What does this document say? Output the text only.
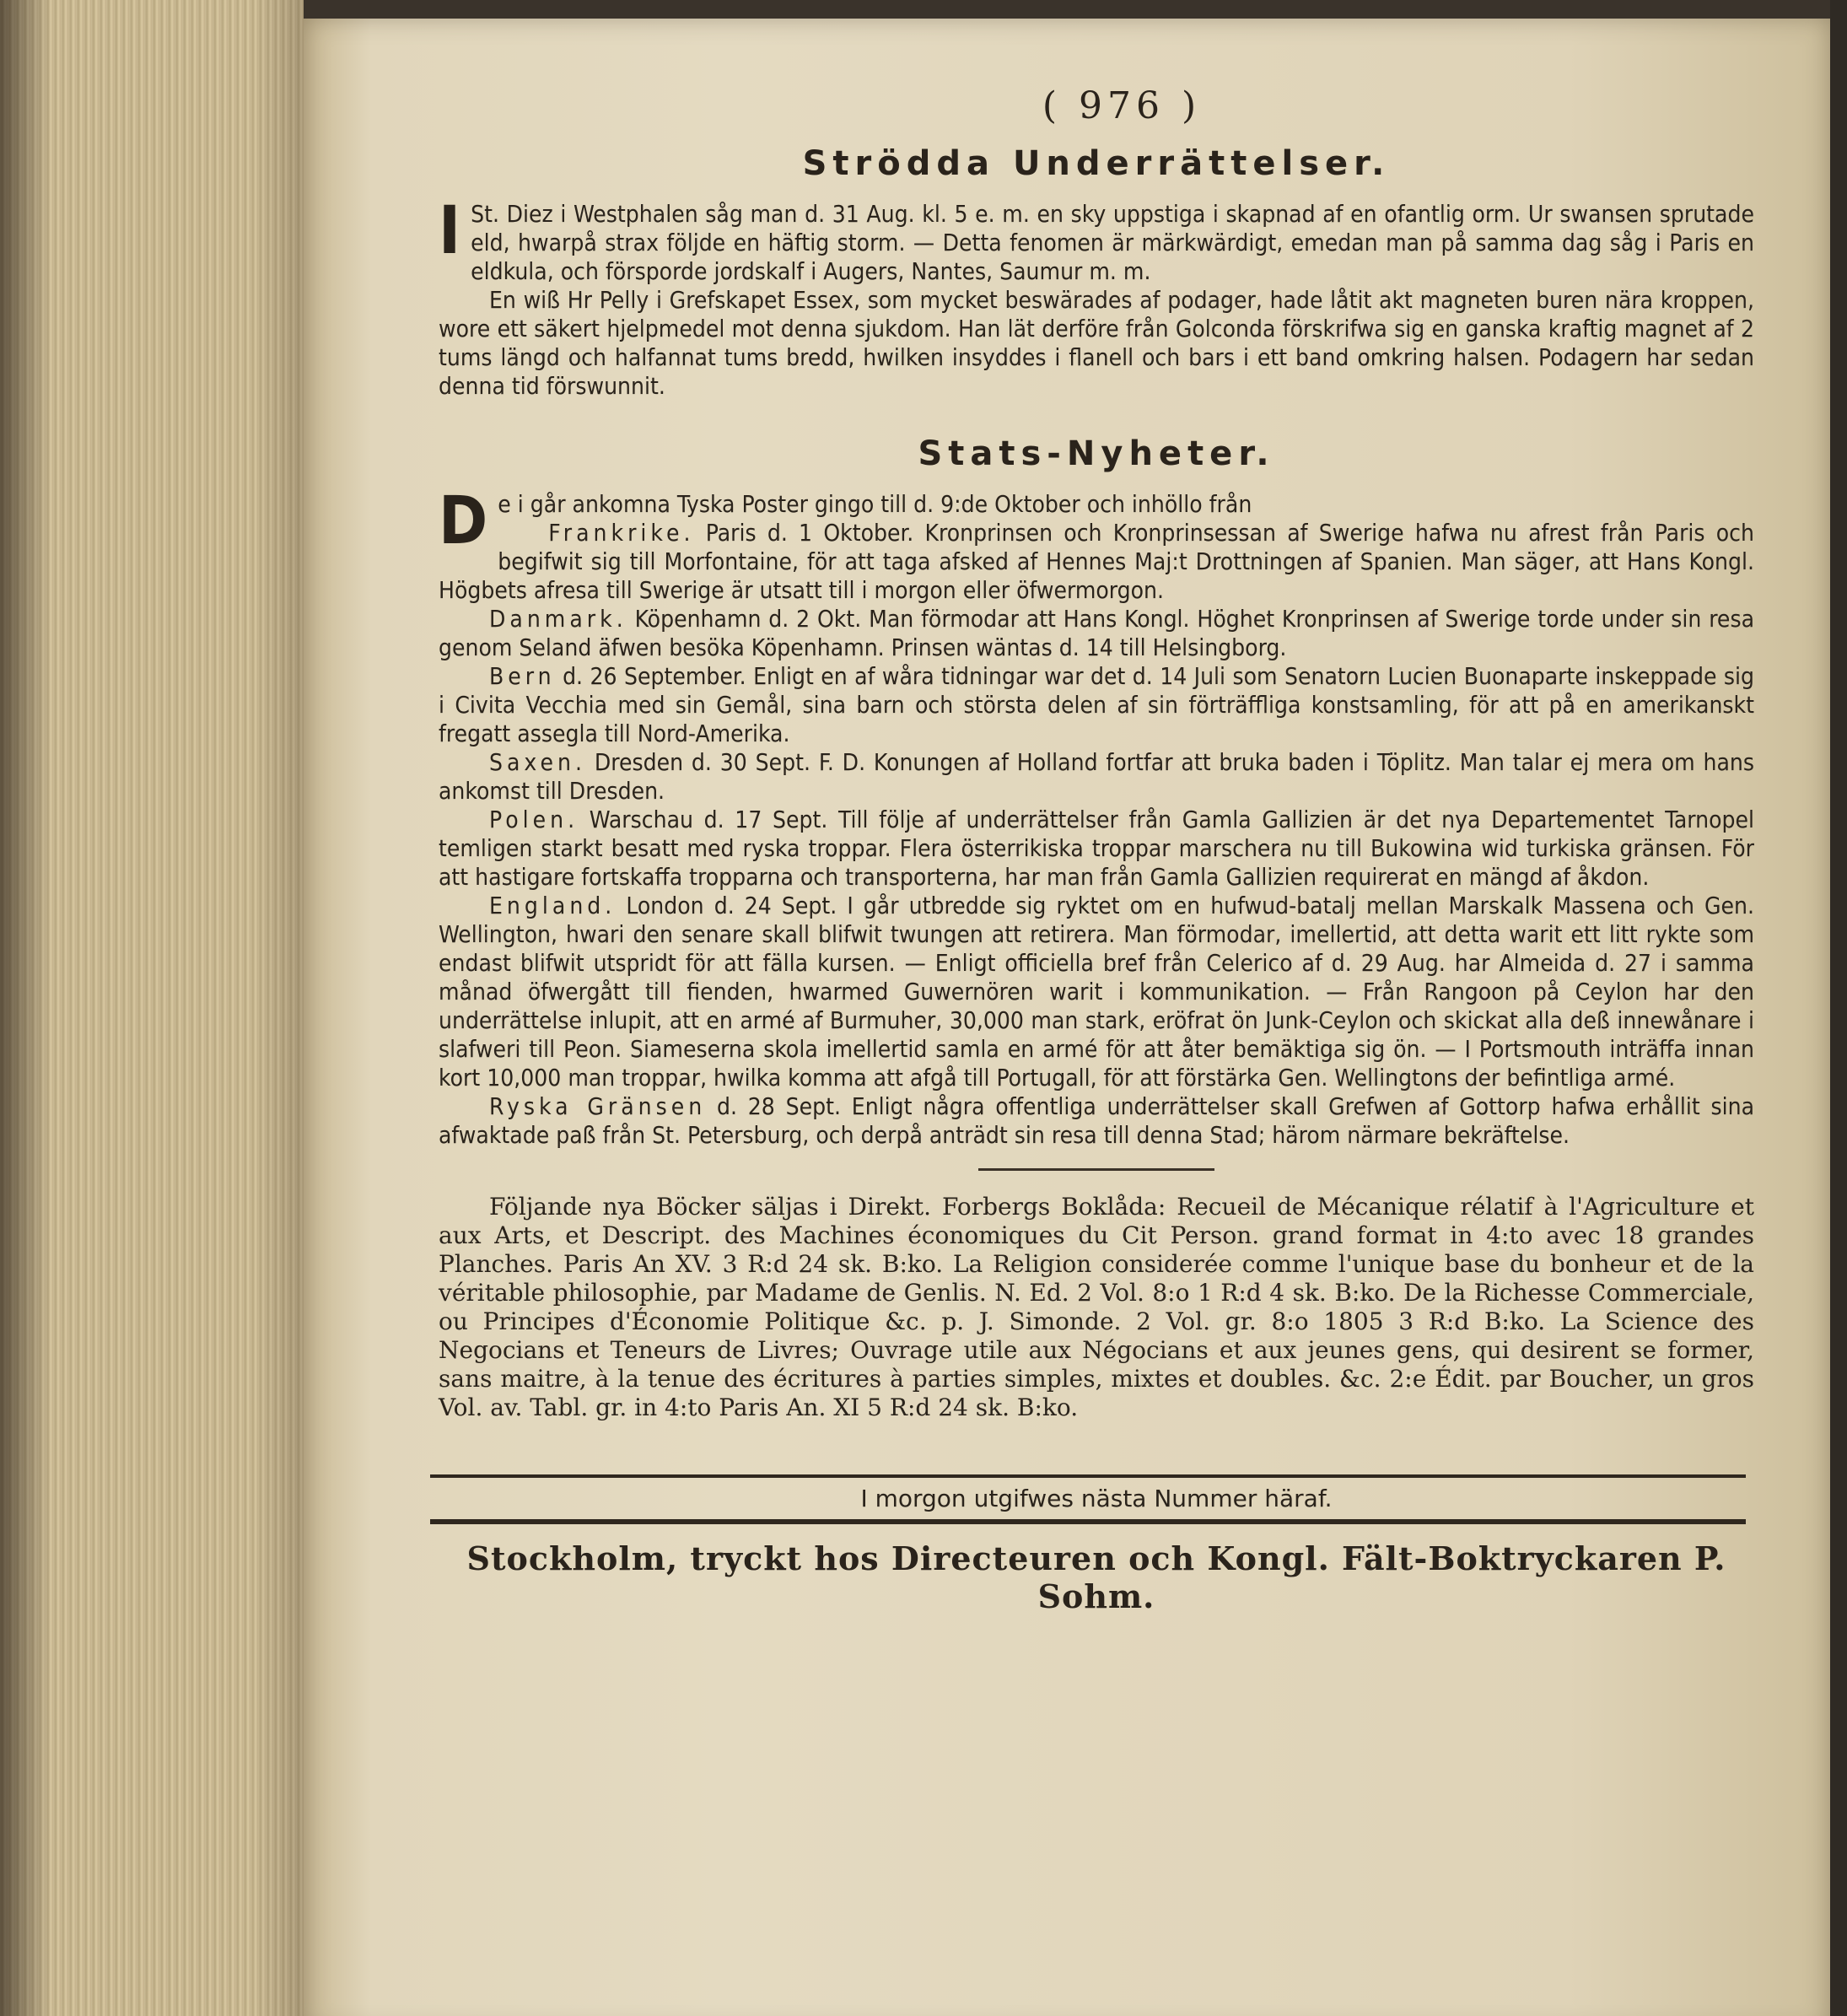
( 976 )
Strödda Underrättelser.

I St. Diez i Westphalen såg man d. 31 Aug. kl. 5 e. m. en sky uppstiga i skapnad af en ofantlig orm. Ur swansen sprutade eld, hwarpå strax följde en häftig storm. — Detta fenomen är märkwärdigt, emedan man på samma dag såg i Paris en eldkula, och försporde jordskalf i Augers, Nantes, Saumur m. m.

En wiß Hr Pelly i Grefskapet Essex, som mycket beswärades af podager, hade låtit akt magneten buren nära kroppen, wore ett säkert hjelpmedel mot denna sjukdom. Han lät derföre från Golconda förskrifwa sig en ganska kraftig magnet af 2 tums längd och halfannat tums bredd, hwilken insyddes i flanell och bars i ett band omkring halsen. Podagern har sedan denna tid förswunnit.

Stats-Nyheter.

De i går ankomna Tyska Poster gingo till d. 9:de Oktober och inhöllo från

Frankrike. Paris d. 1 Oktober. Kronprinsen och Kronprinsessan af Swerige hafwa nu afrest från Paris och begifwit sig till Morfontaine, för att taga afsked af Hennes Maj:t Drottningen af Spanien. Man säger, att Hans Kongl. Högbets afresa till Swerige är utsatt till i morgon eller öfwermorgon.

Danmark. Köpenhamn d. 2 Okt. Man förmodar att Hans Kongl. Höghet Kronprinsen af Swerige torde under sin resa genom Seland äfwen besöka Köpenhamn. Prinsen wäntas d. 14 till Helsingborg.

Bern d. 26 September. Enligt en af wåra tidningar war det d. 14 Juli som Senatorn Lucien Buonaparte inskeppade sig i Civita Vecchia med sin Gemål, sina barn och största delen af sin förträffliga konstsamling, för att på en amerikanskt fregatt assegla till Nord-Amerika.

Saxen. Dresden d. 30 Sept. F. D. Konungen af Holland fortfar att bruka baden i Töplitz. Man talar ej mera om hans ankomst till Dresden.

Polen. Warschau d. 17 Sept. Till följe af underrättelser från Gamla Gallizien är det nya Departementet Tarnopel temligen starkt besatt med ryska troppar. Flera österrikiska troppar marschera nu till Bukowina wid turkiska gränsen. För att hastigare fortskaffa tropparna och transporterna, har man från Gamla Gallizien requirerat en mängd af åkdon.

England. London d. 24 Sept. I går utbredde sig ryktet om en hufwud-batalj mellan Marskalk Massena och Gen. Wellington, hwari den senare skall blifwit twungen att retirera. Man förmodar, imellertid, att detta warit ett litt rykte som endast blifwit utspridt för att fälla kursen. — Enligt officiella bref från Celerico af d. 29 Aug. har Almeida d. 27 i samma månad öfwergått till fienden, hwarmed Guwernören warit i kommunikation. — Från Rangoon på Ceylon har den underrättelse inlupit, att en armé af Burmuher, 30,000 man stark, eröfrat ön Junk-Ceylon och skickat alla deß innewånare i slafweri till Peon. Siameserna skola imellertid samla en armé för att åter bemäktiga sig ön. — I Portsmouth inträffa innan kort 10,000 man troppar, hwilka komma att afgå till Portugall, för att förstärka Gen. Wellingtons der befintliga armé.

Ryska Gränsen d. 28 Sept. Enligt några offentliga underrättelser skall Grefwen af Gottorp hafwa erhållit sina afwaktade paß från St. Petersburg, och derpå anträdt sin resa till denna Stad; härom närmare bekräftelse.

Följande nya Böcker säljas i Direkt. Forbergs Boklåda: Recueil de Mécanique rélatif à l'Agriculture et aux Arts, et Descript. des Machines économiques du Cit Person. grand format in 4:to avec 18 grandes Planches. Paris An XV. 3 R:d 24 sk. B:ko. La Religion considerée comme l'unique base du bonheur et de la véritable philosophie, par Madame de Genlis. N. Ed. 2 Vol. 8:o 1 R:d 4 sk. B:ko. De la Richesse Commerciale, ou Principes d'Économie Politique &c. p. J. Simonde. 2 Vol. gr. 8:o 1805 3 R:d B:ko. La Science des Negocians et Teneurs de Livres; Ouvrage utile aux Négocians et aux jeunes gens, qui desirent se former, sans maitre, à la tenue des écritures à parties simples, mixtes et doubles. &c. 2:e Édit. par Boucher, un gros Vol. av. Tabl. gr. in 4:to Paris An. XI 5 R:d 24 sk. B:ko.

I morgon utgifwes nästa Nummer häraf.
Stockholm, tryckt hos Directeuren och Kongl. Fält-Boktryckaren P. Sohm.
